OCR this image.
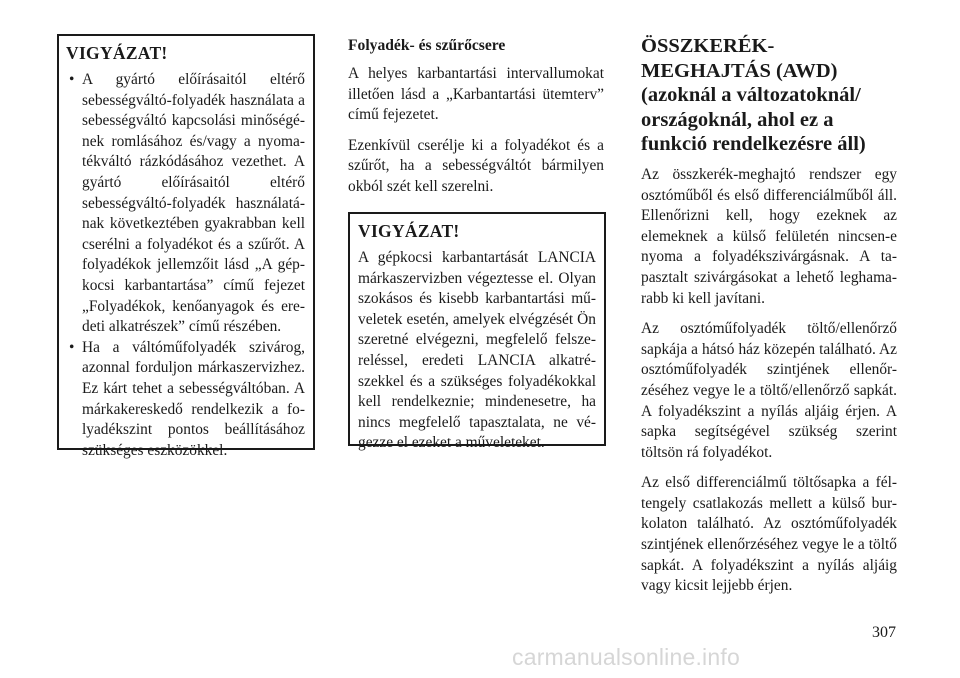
VIGYÁZAT!
• A gyártó előírásaitól eltérő sebességváltó-folyadék használata a sebességváltó kapcsolási minőségé-nek romlásához és/vagy a nyoma-tékváltó rázkódásához vezethet. A gyártó előírásaitól eltérő sebességváltó-folyadék használatá-nak következtében gyakrabban kell cserélni a folyadékot és a szűrőt. A folyadékok jellemzőit lásd „A gép-kocsi karbantartása” című fejezet „Folyadékok, kenőanyagok és ere-deti alkatrészek” című részében.
• Ha a váltóműfolyadék szivárog, azonnal forduljon márkaszervizhez. Ez kárt tehet a sebességváltóban. A márkakereskedő rendelkezik a fo-lyadékszint pontos beállításához szükséges eszközökkel.
Folyadék- és szűrőcsere

A helyes karbantartási intervallumokat illetően lásd a „Karbantartási ütemterv” című fejezetet.

Ezenkívül cserélje ki a folyadékot és a szűrőt, ha a sebességváltót bármilyen okból szét kell szerelni.

VIGYÁZAT!

A gépkocsi karbantartását LANCIA márkaszervizben végeztesse el. Olyan szokásos és kisebb karbantartási mű-veletek esetén, amelyek elvégzését Ön szeretné elvégezni, megfelelő felsze-reléssel, eredeti LANCIA alkatré-szekkel és a szükséges folyadékokkal kell rendelkeznie; mindenesetre, ha nincs megfelelő tapasztalata, ne vé-gezze el ezeket a műveleteket.

ÖSSZKERÉK-MEGHAJTÁS (AWD) (azoknál a változatoknál/ országoknál, ahol ez a funkció rendelkezésre áll)

Az összkerék-meghajtó rendszer egy osztóműből és első differenciálműből áll. Ellenőrizni kell, hogy ezeknek az elemeknek a külső felületén nincsen-e nyoma a folyadékszivárgásnak. A ta-pasztalt szivárgásokat a lehető leghama-rabb ki kell javítani.

Az osztóműfolyadék töltő/ellenőrző sapkája a hátsó ház közepén található. Az osztóműfolyadék szintjének ellenőr-zéséhez vegye le a töltő/ellenőrző sapkát. A folyadékszint a nyílás aljáig érjen. A sapka segítségével szükség szerint töltsön rá folyadékot.

Az első differenciálmű töltősapka a fél-tengely csatlakozás mellett a külső bur-kolaton található. Az osztóműfolyadék szintjének ellenőrzéséhez vegye le a töltő sapkát. A folyadékszint a nyílás aljáig vagy kicsit lejjebb érjen.

307
carmanualsonline.info
